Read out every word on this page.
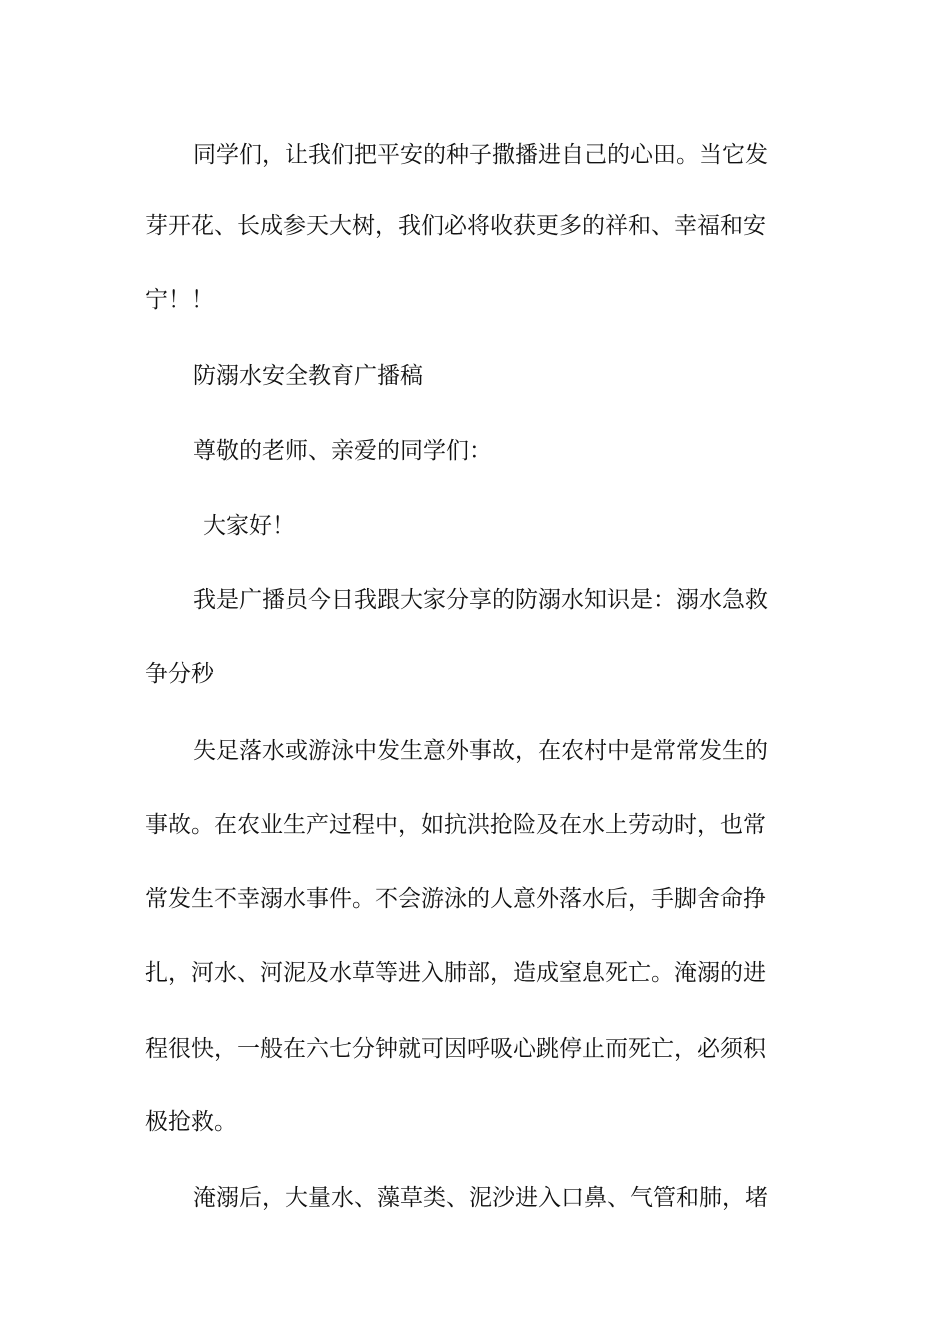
同学们，让我们把平安的种子撒播进自己的心田。当它发
芽开花、长成参天大树，我们必将收获更多的祥和、幸福和安
宁！！
防溺水安全教育广播稿
尊敬的老师、亲爱的同学们：
大家好！
我是广播员今日我跟大家分享的防溺水知识是：溺水急救
争分秒
失足落水或游泳中发生意外事故，在农村中是常常发生的
事故。在农业生产过程中，如抗洪抢险及在水上劳动时，也常
常发生不幸溺水事件。不会游泳的人意外落水后，手脚舍命挣
扎，河水、河泥及水草等进入肺部，造成窒息死亡。淹溺的进
程很快，一般在六七分钟就可因呼吸心跳停止而死亡，必须积
极抢救。
淹溺后，大量水、藻草类、泥沙进入口鼻、气管和肺，堵
